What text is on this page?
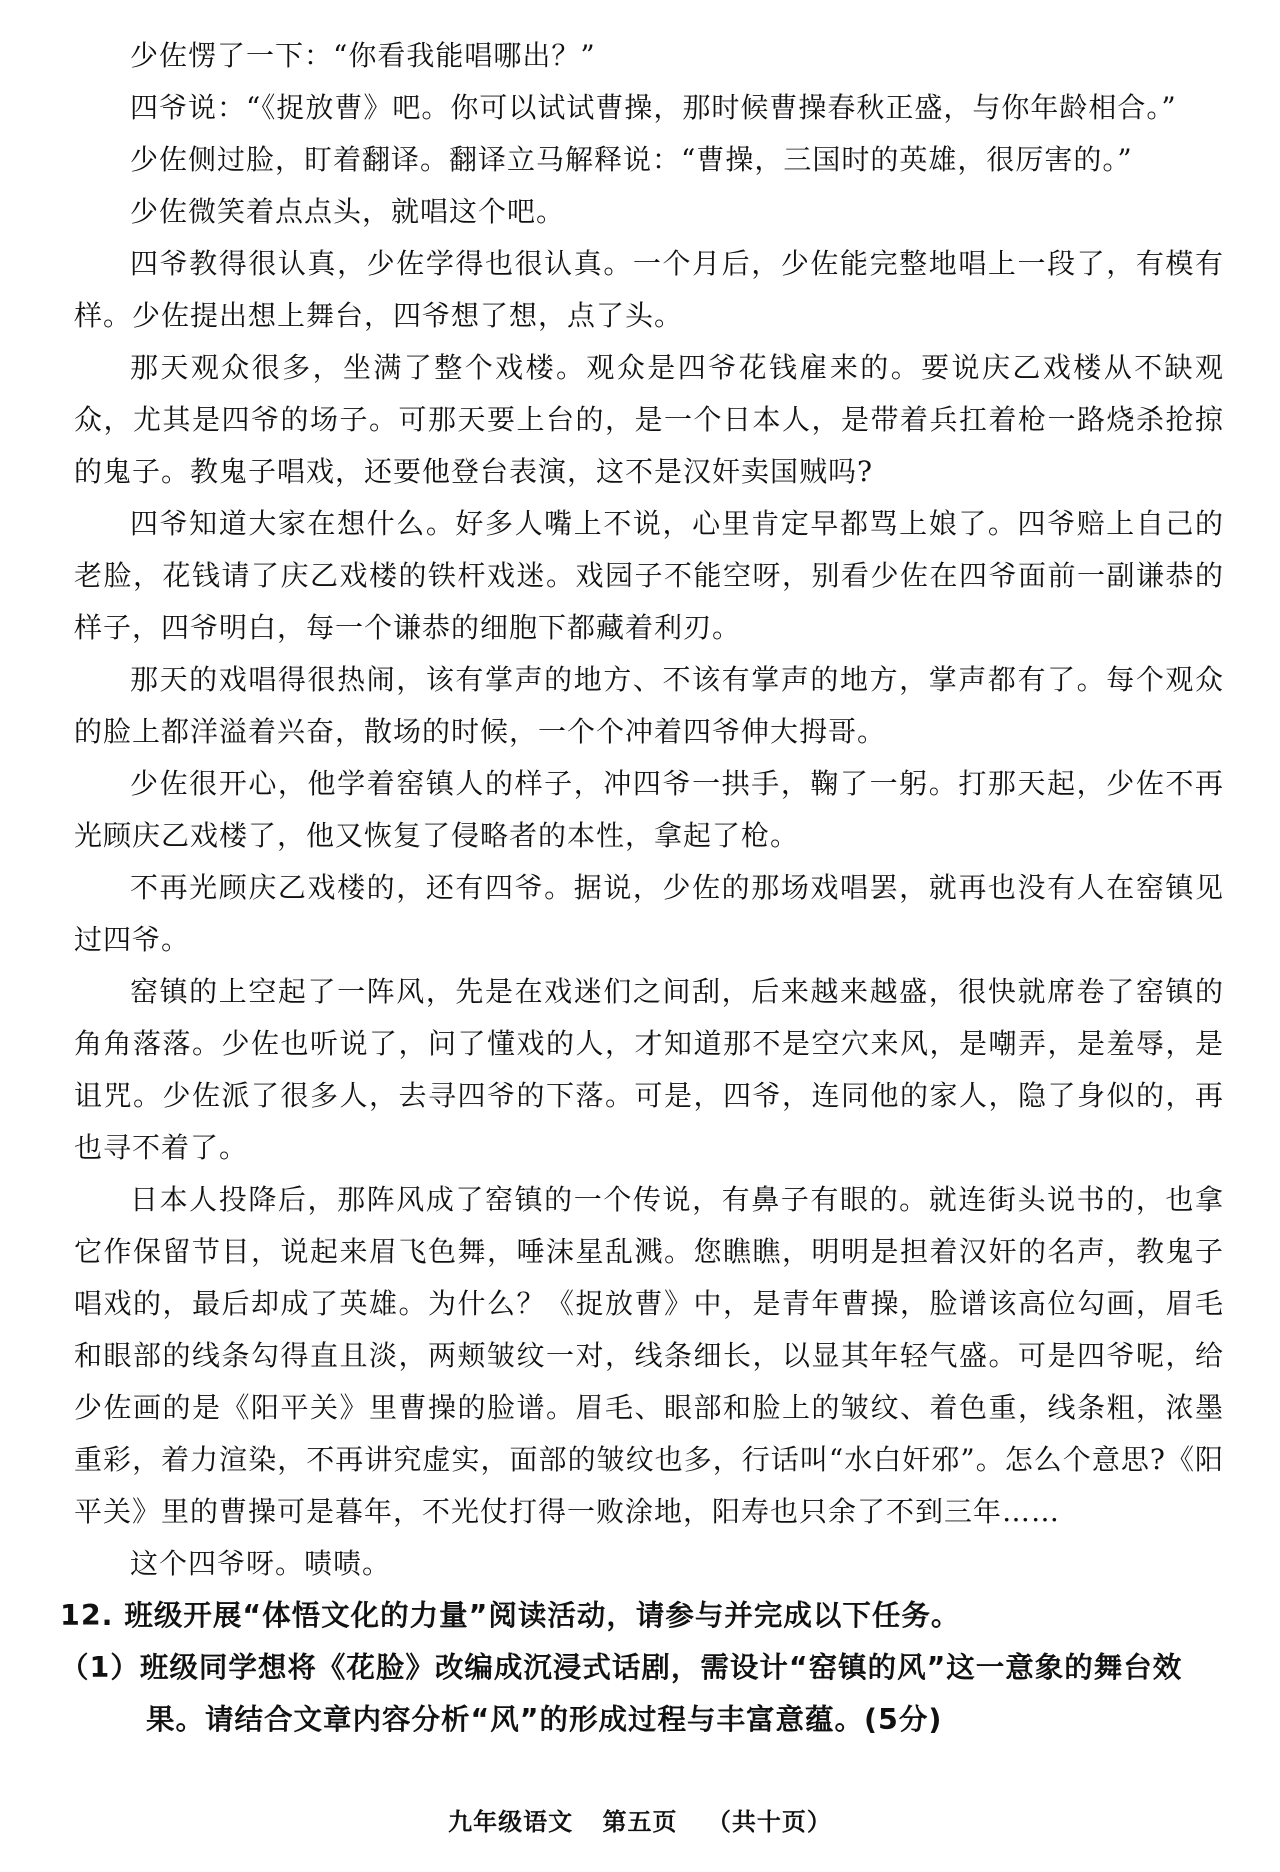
少佐愣了一下：“你看我能唱哪出？”

四爷说：“《捉放曹》吧。你可以试试曹操，那时候曹操春秋正盛，与你年龄相合。”

少佐侧过脸，盯着翻译。翻译立马解释说：“曹操，三国时的英雄，很厉害的。”

少佐微笑着点点头，就唱这个吧。

四爷教得很认真，少佐学得也很认真。一个月后，少佐能完整地唱上一段了，有模有样。少佐提出想上舞台，四爷想了想，点了头。

那天观众很多，坐满了整个戏楼。观众是四爷花钱雇来的。要说庆乙戏楼从不缺观众，尤其是四爷的场子。可那天要上台的，是一个日本人，是带着兵扛着枪一路烧杀抢掠的鬼子。教鬼子唱戏，还要他登台表演，这不是汉奸卖国贼吗?

四爷知道大家在想什么。好多人嘴上不说，心里肯定早都骂上娘了。四爷赔上自己的老脸，花钱请了庆乙戏楼的铁杆戏迷。戏园子不能空呀，别看少佐在四爷面前一副谦恭的样子，四爷明白，每一个谦恭的细胞下都藏着利刃。

那天的戏唱得很热闹，该有掌声的地方、不该有掌声的地方，掌声都有了。每个观众的脸上都洋溢着兴奋，散场的时候，一个个冲着四爷伸大拇哥。

少佐很开心，他学着窑镇人的样子，冲四爷一拱手，鞠了一躬。打那天起，少佐不再光顾庆乙戏楼了，他又恢复了侵略者的本性，拿起了枪。

不再光顾庆乙戏楼的，还有四爷。据说，少佐的那场戏唱罢，就再也没有人在窑镇见过四爷。

窑镇的上空起了一阵风，先是在戏迷们之间刮，后来越来越盛，很快就席卷了窑镇的角角落落。少佐也听说了，问了懂戏的人，才知道那不是空穴来风，是嘲弄，是羞辱，是诅咒。少佐派了很多人，去寻四爷的下落。可是，四爷，连同他的家人，隐了身似的，再也寻不着了。

日本人投降后，那阵风成了窑镇的一个传说，有鼻子有眼的。就连街头说书的，也拿它作保留节目，说起来眉飞色舞，唾沫星乱溅。您瞧瞧，明明是担着汉奸的名声，教鬼子唱戏的，最后却成了英雄。为什么？《捉放曹》中，是青年曹操，脸谱该高位勾画，眉毛和眼部的线条勾得直且淡，两颊皱纹一对，线条细长，以显其年轻气盛。可是四爷呢，给少佐画的是《阳平关》里曹操的脸谱。眉毛、眼部和脸上的皱纹、着色重，线条粗，浓墨重彩，着力渲染，不再讲究虚实，面部的皱纹也多，行话叫“水白奸邪”。怎么个意思?《阳平关》里的曹操可是暮年，不光仗打得一败涂地，阳寿也只余了不到三年……

这个四爷呀。啧啧。

12. 班级开展“体悟文化的力量”阅读活动，请参与并完成以下任务。

（1）班级同学想将《花脸》改编成沉浸式话剧，需设计“窑镇的风”这一意象的舞台效果。请结合文章内容分析“风”的形成过程与丰富意蕴。(5分)

九年级语文 第五页 （共十页）
